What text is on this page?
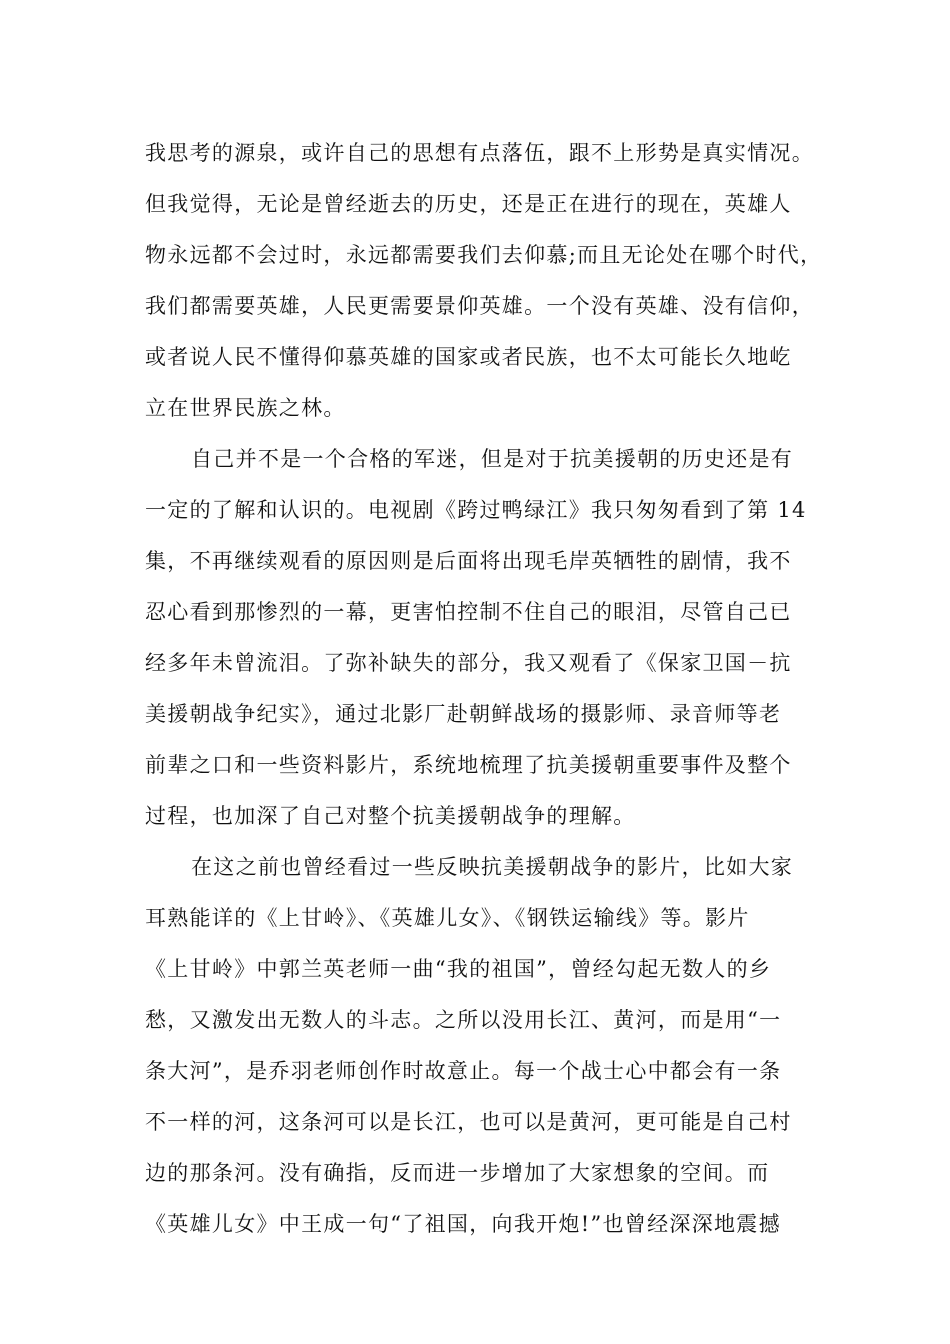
我思考的源泉，或许自己的思想有点落伍，跟不上形势是真实情况。
但我觉得，无论是曾经逝去的历史，还是正在进行的现在，英雄人
物永远都不会过时，永远都需要我们去仰慕;而且无论处在哪个时代，
我们都需要英雄，人民更需要景仰英雄。一个没有英雄、没有信仰，
或者说人民不懂得仰慕英雄的国家或者民族，也不太可能长久地屹
立在世界民族之林。
自己并不是一个合格的军迷，但是对于抗美援朝的历史还是有
一定的了解和认识的。电视剧《跨过鸭绿江》我只匆匆看到了第 14
集，不再继续观看的原因则是后面将出现毛岸英牺牲的剧情，我不
忍心看到那惨烈的一幕，更害怕控制不住自己的眼泪，尽管自己已
经多年未曾流泪。了弥补缺失的部分，我又观看了《保家卫国－抗
美援朝战争纪实》，通过北影厂赴朝鲜战场的摄影师、录音师等老
前辈之口和一些资料影片，系统地梳理了抗美援朝重要事件及整个
过程，也加深了自己对整个抗美援朝战争的理解。
在这之前也曾经看过一些反映抗美援朝战争的影片，比如大家
耳熟能详的《上甘岭》、《英雄儿女》、《钢铁运输线》等。影片
《上甘岭》中郭兰英老师一曲“我的祖国”，曾经勾起无数人的乡
愁，又激发出无数人的斗志。之所以没用长江、黄河，而是用“一
条大河”，是乔羽老师创作时故意止。每一个战士心中都会有一条
不一样的河，这条河可以是长江，也可以是黄河，更可能是自己村
边的那条河。没有确指，反而进一步增加了大家想象的空间。而
《英雄儿女》中王成一句“了祖国，向我开炮!”也曾经深深地震撼
